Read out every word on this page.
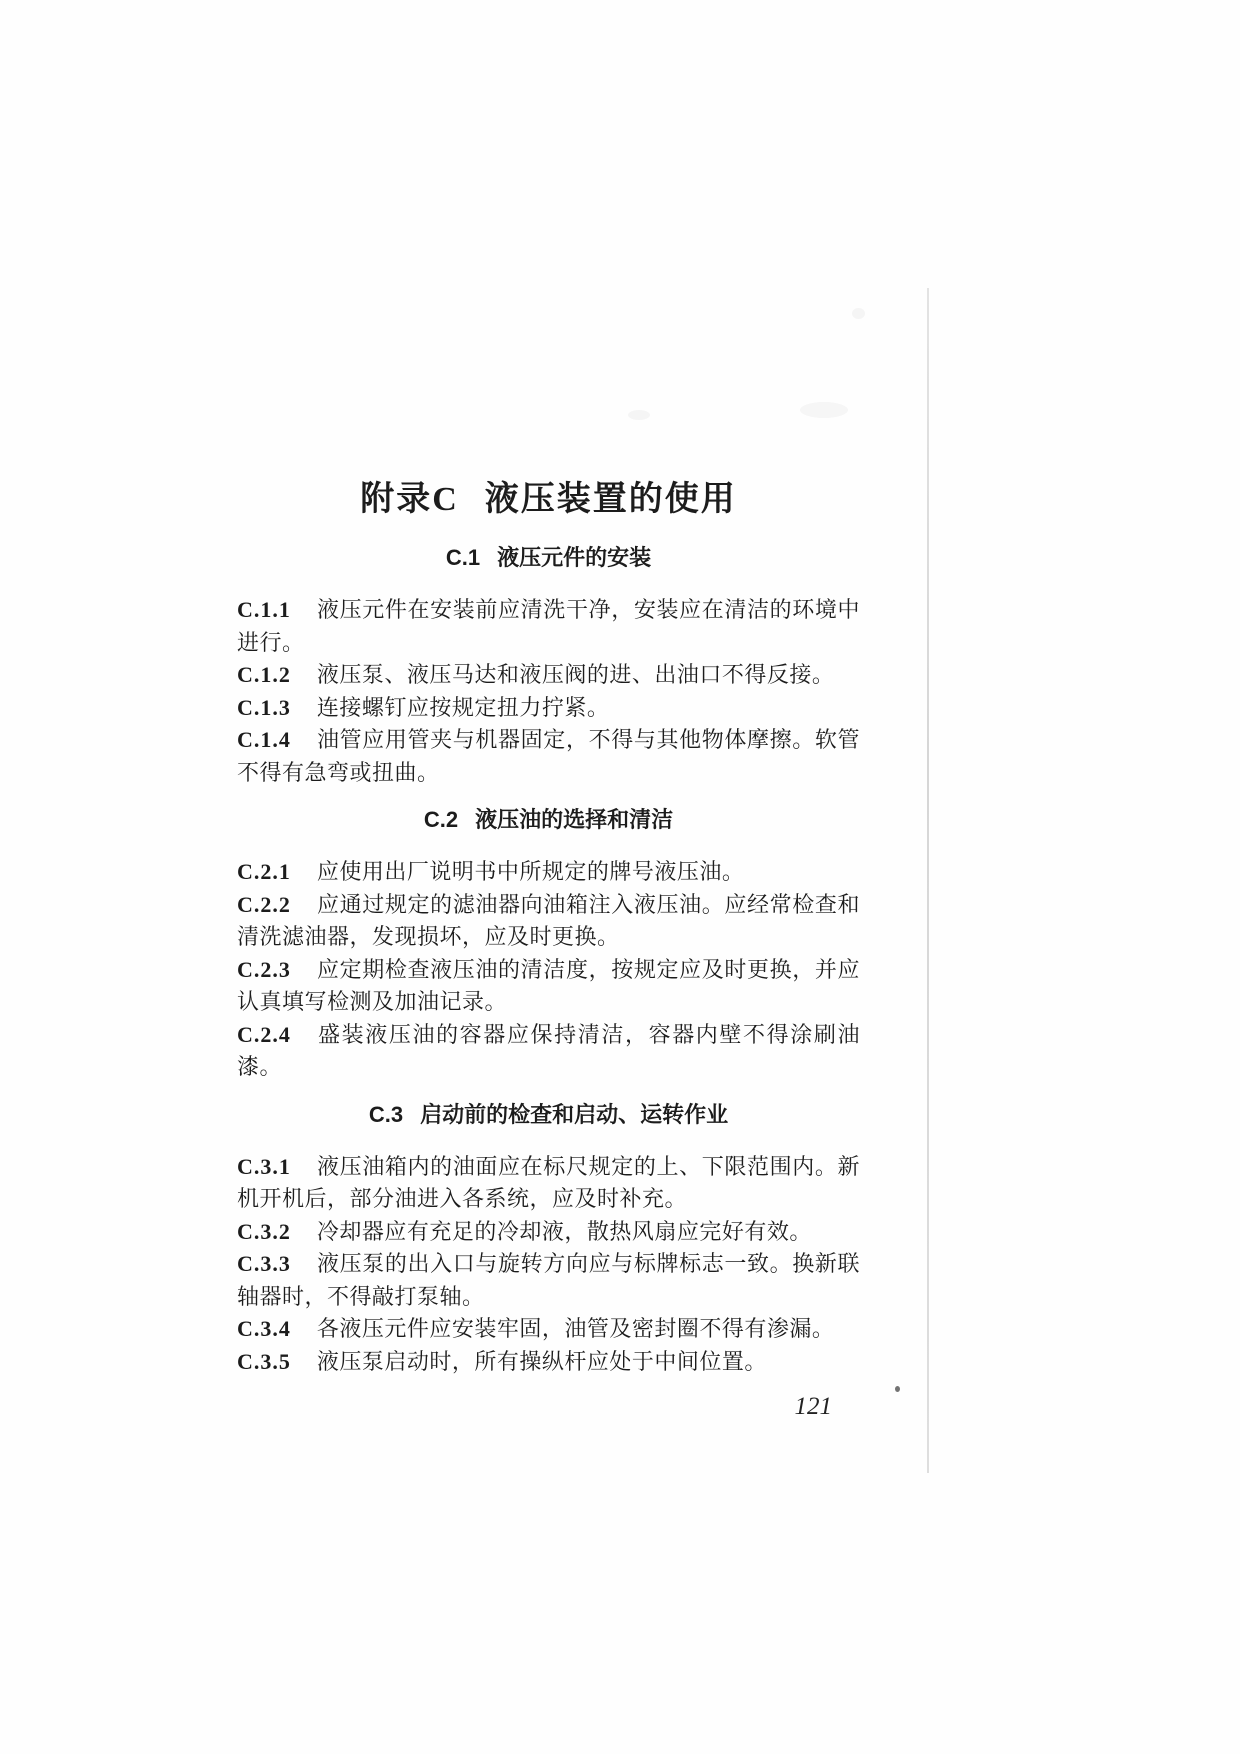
附录C 液压装置的使用
C.1 液压元件的安装

C.1.1 液压元件在安装前应清洗干净，安装应在清洁的环境中进行。

C.1.2 液压泵、液压马达和液压阀的进、出油口不得反接。

C.1.3 连接螺钉应按规定扭力拧紧。

C.1.4 油管应用管夹与机器固定，不得与其他物体摩擦。软管不得有急弯或扭曲。

C.2 液压油的选择和清洁

C.2.1 应使用出厂说明书中所规定的牌号液压油。

C.2.2 应通过规定的滤油器向油箱注入液压油。应经常检查和清洗滤油器，发现损坏，应及时更换。

C.2.3 应定期检查液压油的清洁度，按规定应及时更换，并应认真填写检测及加油记录。

C.2.4 盛装液压油的容器应保持清洁，容器内壁不得涂刷油漆。

C.3 启动前的检查和启动、运转作业

C.3.1 液压油箱内的油面应在标尺规定的上、下限范围内。新机开机后，部分油进入各系统，应及时补充。

C.3.2 冷却器应有充足的冷却液，散热风扇应完好有效。

C.3.3 液压泵的出入口与旋转方向应与标牌标志一致。换新联轴器时，不得敲打泵轴。

C.3.4 各液压元件应安装牢固，油管及密封圈不得有渗漏。

C.3.5 液压泵启动时，所有操纵杆应处于中间位置。

121
